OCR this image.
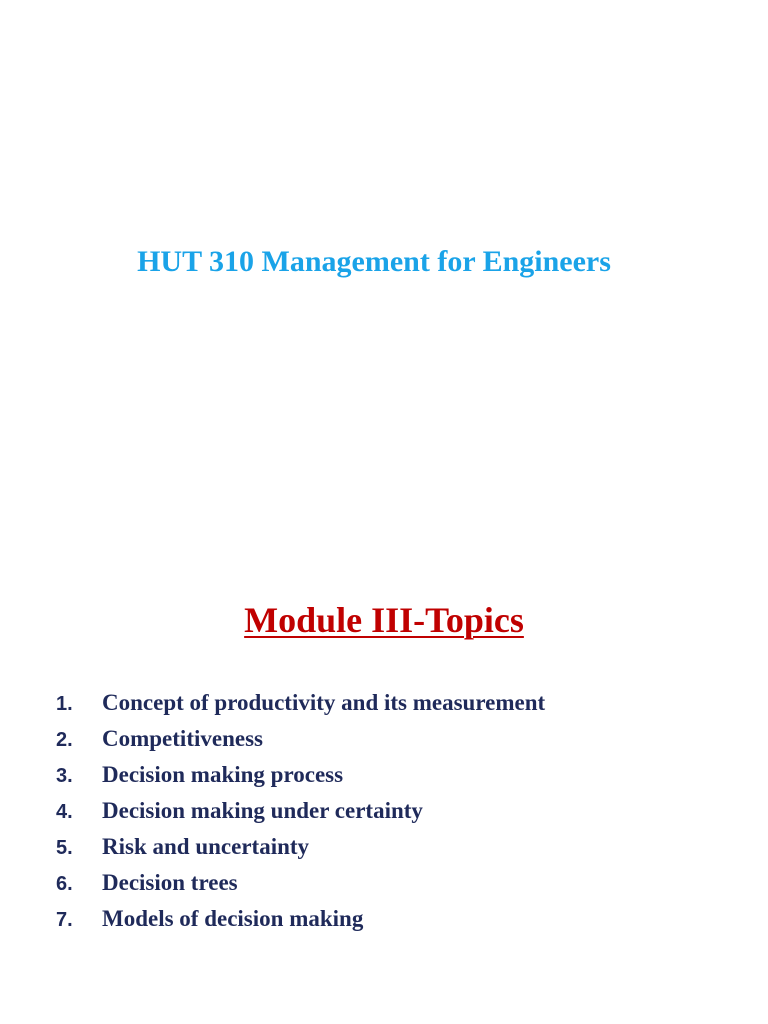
HUT 310 Management for Engineers
Module III-Topics
1.	Concept of productivity and its measurement
2.	Competitiveness
3.	Decision making process
4.	Decision making under certainty
5.	Risk and uncertainty
6.	Decision trees
7.	Models of decision making
